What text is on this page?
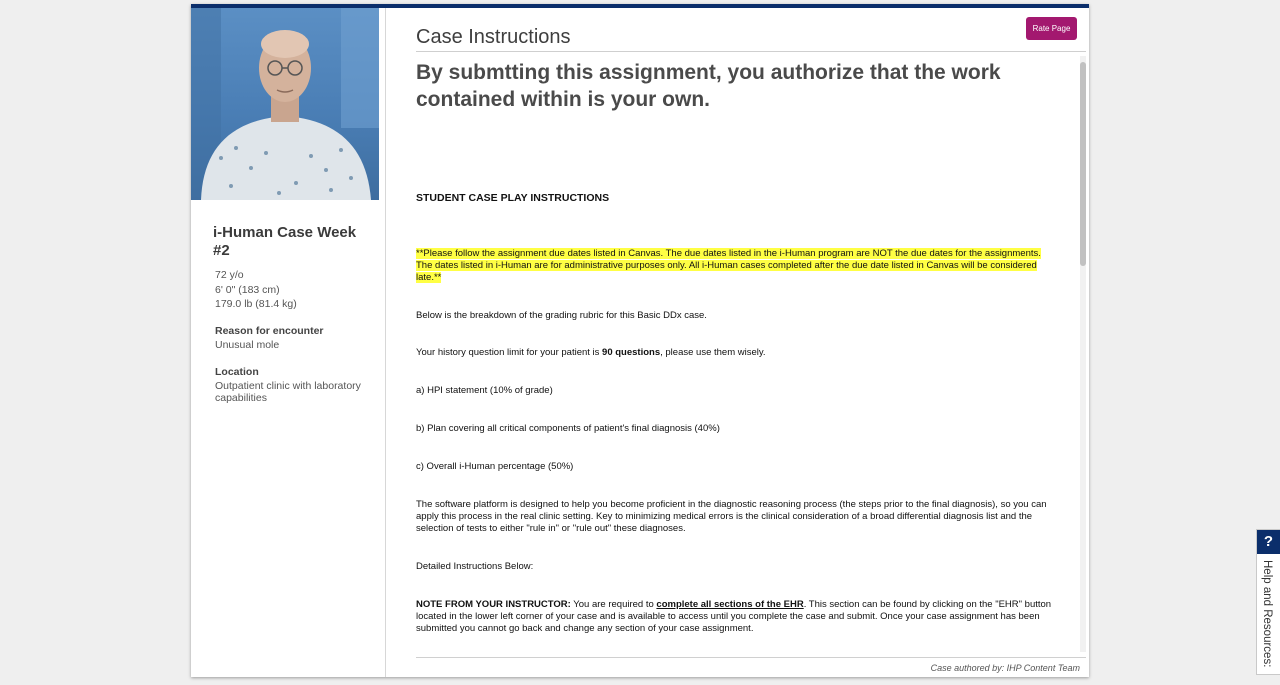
i-Human Case Week #2
72 y/o
6' 0" (183 cm)
179.0 lb (81.4 kg)
Reason for encounter
Unusual mole
Location
Outpatient clinic with laboratory capabilities
Case Instructions	Rate Page
By submtting this assignment, you authorize that the work contained within is your own.
STUDENT CASE PLAY INSTRUCTIONS
**Please follow the assignment due dates listed in Canvas. The due dates listed in the i-Human program are NOT the due dates for the assignments. The dates listed in i-Human are for administrative purposes only. All i-Human cases completed after the due date listed in Canvas will be considered late.**
Below is the breakdown of the grading rubric for this Basic DDx case.
Your history question limit for your patient is 90 questions, please use them wisely.
a) HPI statement (10% of grade)
b) Plan covering all critical components of patient's final diagnosis (40%)
c) Overall i-Human percentage (50%)
The software platform is designed to help you become proficient in the diagnostic reasoning process (the steps prior to the final diagnosis), so you can apply this process in the real clinic setting. Key to minimizing medical errors is the clinical consideration of a broad differential diagnosis list and the selection of tests to either "rule in" or "rule out" these diagnoses.
Detailed Instructions Below:
NOTE FROM YOUR INSTRUCTOR: You are required to complete all sections of the EHR. This section can be found by clicking on the "EHR" button located in the lower left corner of your case and is available to access until you complete the case and submit. Once your case assignment has been submitted you cannot go back and change any section of your case assignment.
Case authored by: IHP Content Team
?
Help and Resources:
